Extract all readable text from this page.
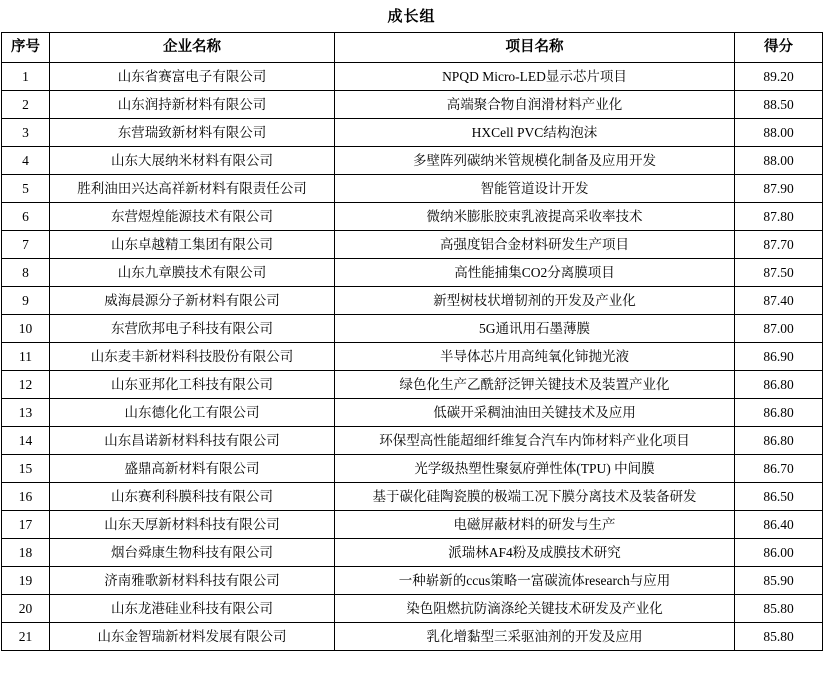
成长组
序号	企业名称	项目名称	得分
1	山东省赛富电子有限公司	NPQD Micro-LED显示芯片项目	89.20
2	山东润持新材料有限公司	高端聚合物自润滑材料产业化	88.50
3	东营瑞致新材料有限公司	HXCell PVC结构泡沫	88.00
4	山东大展纳米材料有限公司	多壁阵列碳纳米管规模化制备及应用开发	88.00
5	胜利油田兴达高祥新材料有限责任公司	智能管道设计开发	87.90
6	东营煜煌能源技术有限公司	微纳米膨胀胶束乳液提高采收率技术	87.80
7	山东卓越精工集团有限公司	高强度铝合金材料研发生产项目	87.70
8	山东九章膜技术有限公司	高性能捕集CO2分离膜项目	87.50
9	威海晨源分子新材料有限公司	新型树枝状增韧剂的开发及产业化	87.40
10	东营欣邦电子科技有限公司	5G通讯用石墨薄膜	87.00
11	山东麦丰新材料科技股份有限公司	半导体芯片用高纯氧化铈抛光液	86.90
12	山东亚邦化工科技有限公司	绿色化生产乙酰舒泛钾关键技术及装置产业化	86.80
13	山东德化化工有限公司	低碳开采稠油油田关键技术及应用	86.80
14	山东昌诺新材料科技有限公司	环保型高性能超细纤维复合汽车内饰材料产业化项目	86.80
15	盛鼎高新材料有限公司	光学级热塑性聚氨府弹性体(TPU) 中间膜	86.70
16	山东赛利科膜科技有限公司	基于碳化硅陶瓷膜的极端工况下膜分离技术及装备研发	86.50
17	山东天厚新材料科技有限公司	电磁屏蔽材料的研发与生产	86.40
18	烟台舜康生物科技有限公司	派瑞林AF4粉及成膜技术研究	86.00
19	济南雅歌新材料科技有限公司	一种崭新的ccus策略一富碳流体research与应用	85.90
20	山东龙港硅业科技有限公司	染色阻燃抗防滴涤纶关键技术研发及产业化	85.80
21	山东金智瑞新材料发展有限公司	乳化增黏型三采驱油剂的开发及应用	85.80
